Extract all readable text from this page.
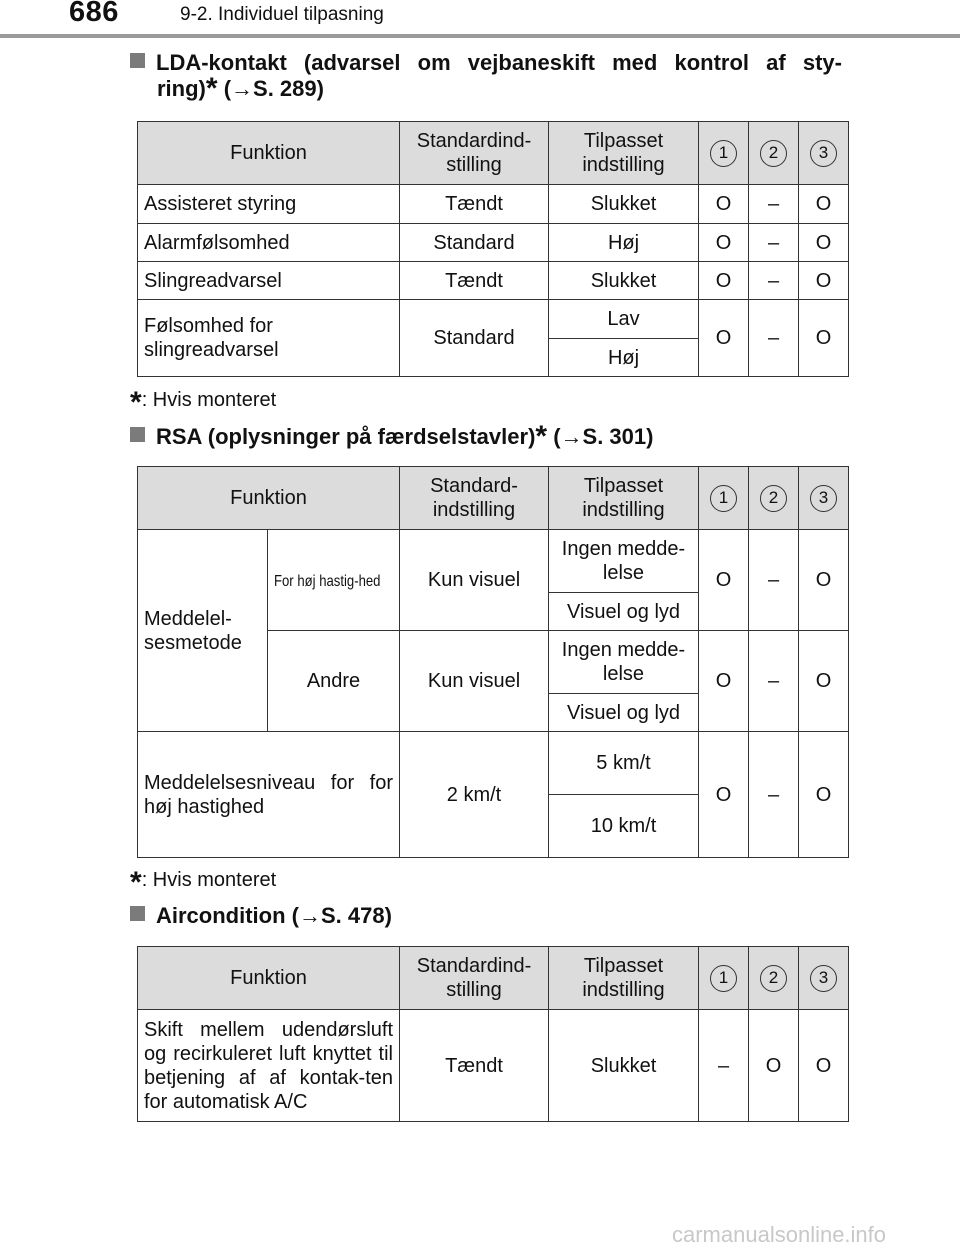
686	9-2. Individuel tilpasning
LDA-kontakt (advarsel om vejbaneskift med kontrol af sty-
ring)* (→S. 289)
Funktion	Standardind-stilling	Tilpasset indstilling	1	2	3
Assisteret styring	Tændt	Slukket	O	–	O
Alarmfølsomhed	Standard	Høj	O	–	O
Slingreadvarsel	Tændt	Slukket	O	–	O
Følsomhed for slingreadvarsel	Standard	Lav	O	–	O
		Høj			
*: Hvis monteret
RSA (oplysninger på færdselstavler)* (→S. 301)
Funktion		Standard-indstilling	Tilpasset indstilling	1	2	3
Meddelel-sesmetode	For høj hastig-hed	Kun visuel	Ingen medde-lelse	O	–	O
			Visuel og lyd			
	Andre	Kun visuel	Ingen medde-lelse	O	–	O
			Visuel og lyd			
Meddelelsesniveau for for høj hastighed		2 km/t	5 km/t	O	–	O
			10 km/t			
*: Hvis monteret
Aircondition (→S. 478)
Funktion	Standardind-stilling	Tilpasset indstilling	1	2	3
Skift mellem udendørsluft og recirkuleret luft knyttet til betjening af af kontak-ten for automatisk A/C	Tændt	Slukket	–	O	O
carmanualsonline.info
